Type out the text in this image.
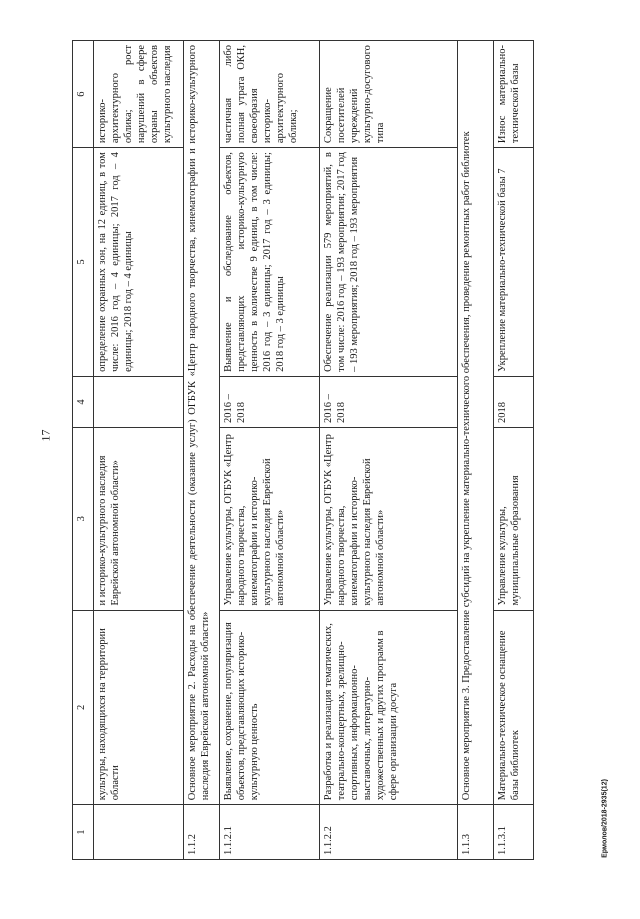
17
1	2	3	4	5	6
	культуры, находящихся на территории области	и историко-культурного наследия Еврейской автономной области»		определение охранных зон, на 12 единиц, в том числе: 2016 год – 4 единицы; 2017 год – 4 единицы; 2018 год – 4 единицы	историко-архитектурного облика; рост нарушений в сфере охраны объектов культурного наследия
1.1.2	Основное мероприятие 2. Расходы на обеспечение деятельности (оказание услуг) ОГБУК «Центр народного творчества, кинематографии и историко-культурного наследия Еврейской автономной области»				
1.1.2.1	Выявление, сохранение, популяризация объектов, представляющих историко-культурную ценность	Управление культуры, ОГБУК «Центр народного творчества, кинематографии и историко-культурного наследия Еврейской автономной области»	2016 – 2018	Выявление и обследование объектов, представляющих историко-культурную ценность в количестве 9 единиц, в том числе: 2016 год – 3 единицы; 2017 год – 3 единицы; 2018 год – 3 единицы	частичная либо полная утрата ОКН, своеобразия историко-архитектурного облика;
1.1.2.2	Разработка и реализация тематических, театрально-концертных, зрелищно-спортивных, информационно-выставочных, литературно-художественных и других программ в сфере организации досуга	Управление культуры, ОГБУК «Центр народного творчества, кинематографии и историко-культурного наследия Еврейской автономной области»	2016 – 2018	Обеспечение реализации 579 мероприятий, в том числе: 2016 год – 193 мероприятия; 2017 год – 193 мероприятия; 2018 год – 193 мероприятия	Сокращение посетителей учреждений культурно-досугового типа
1.1.3	Основное мероприятие 3. Предоставление субсидий на укрепление материально-технического обеспечения, проведение ремонтных работ библиотек				
1.1.3.1	Материально-техническое оснащение базы библиотек	Управление культуры, муниципальные образования	2018	Укрепление материально-технической базы 7	Износ материально-технической базы
Ермолов/2018-2935(12)
